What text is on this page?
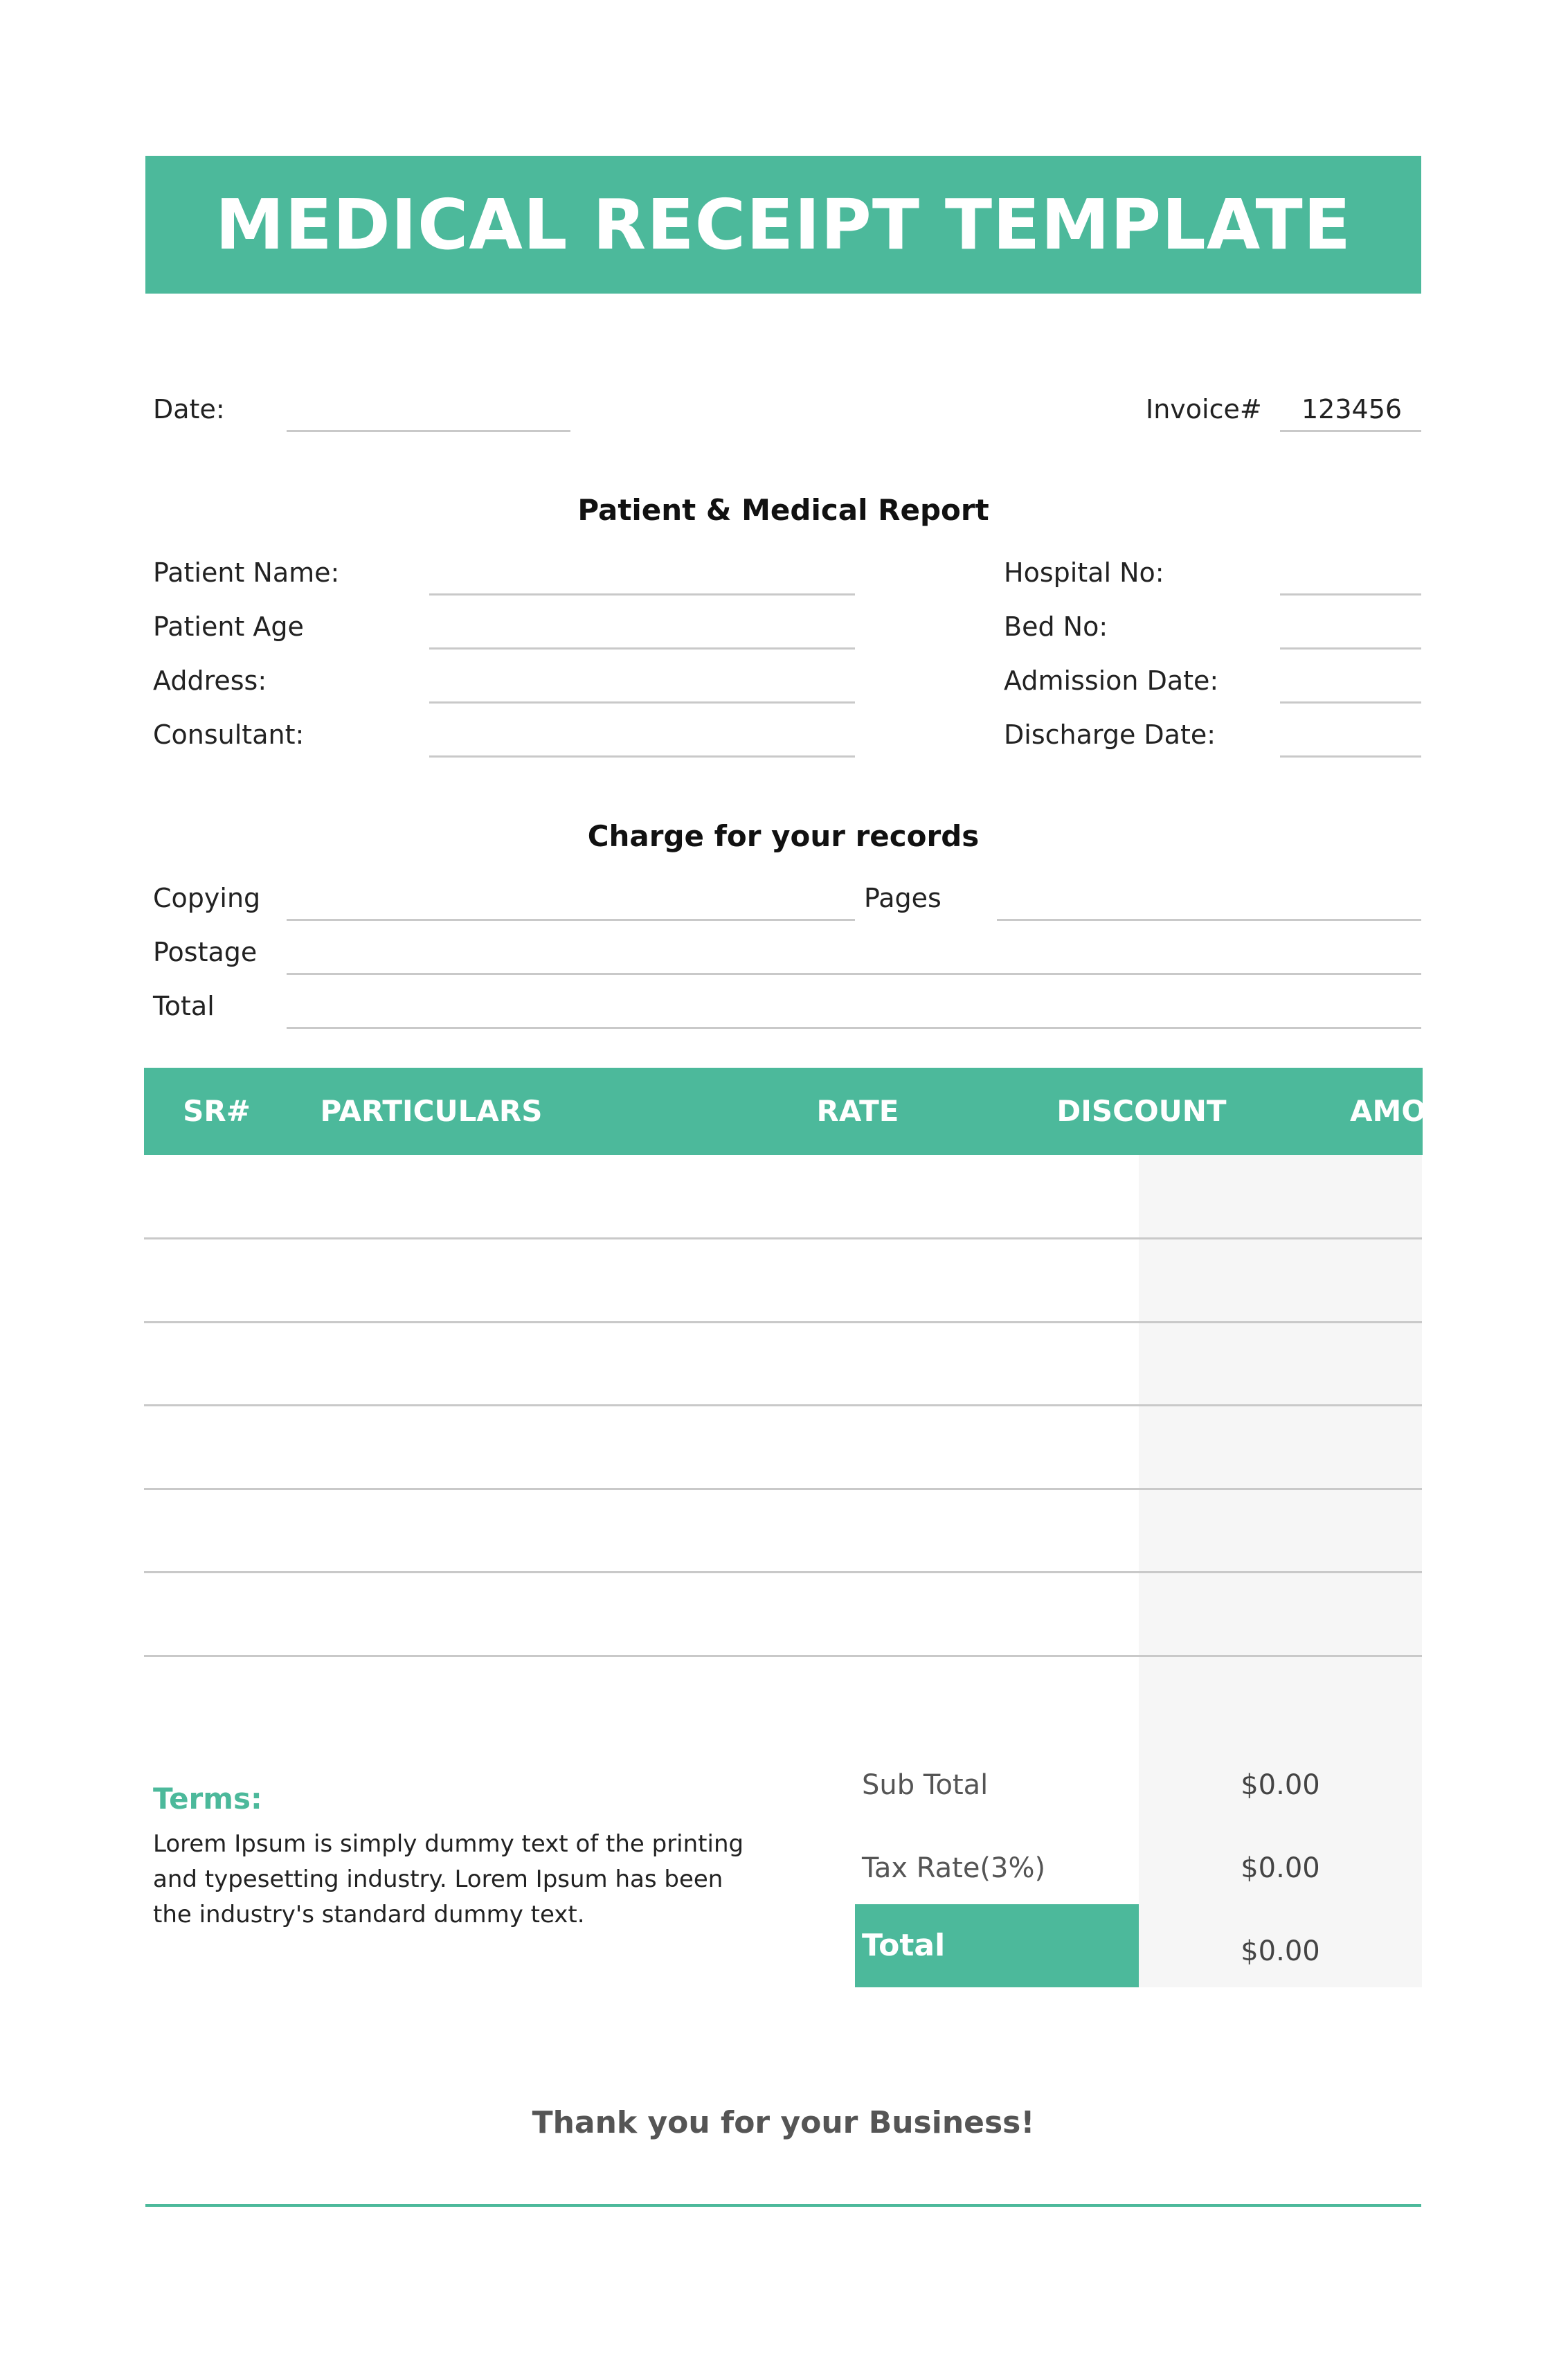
MEDICAL RECEIPT TEMPLATE
Date:	Invoice# 123456
Patient & Medical Report
Patient Name:
Patient Age
Address:
Consultant:
Hospital No:
Bed No:
Admission Date:
Discharge Date:
Charge for your records
Copying	Pages
Postage
Total
SR#	PARTICULARS	RATE	DISCOUNT	AMOUNT
Terms:
Lorem Ipsum is simply dummy text of the printing and typesetting industry. Lorem Ipsum has been the industry's standard dummy text.
Sub Total	$0.00
Tax Rate(3%)	$0.00
Total	$0.00
Thank you for your Business!
